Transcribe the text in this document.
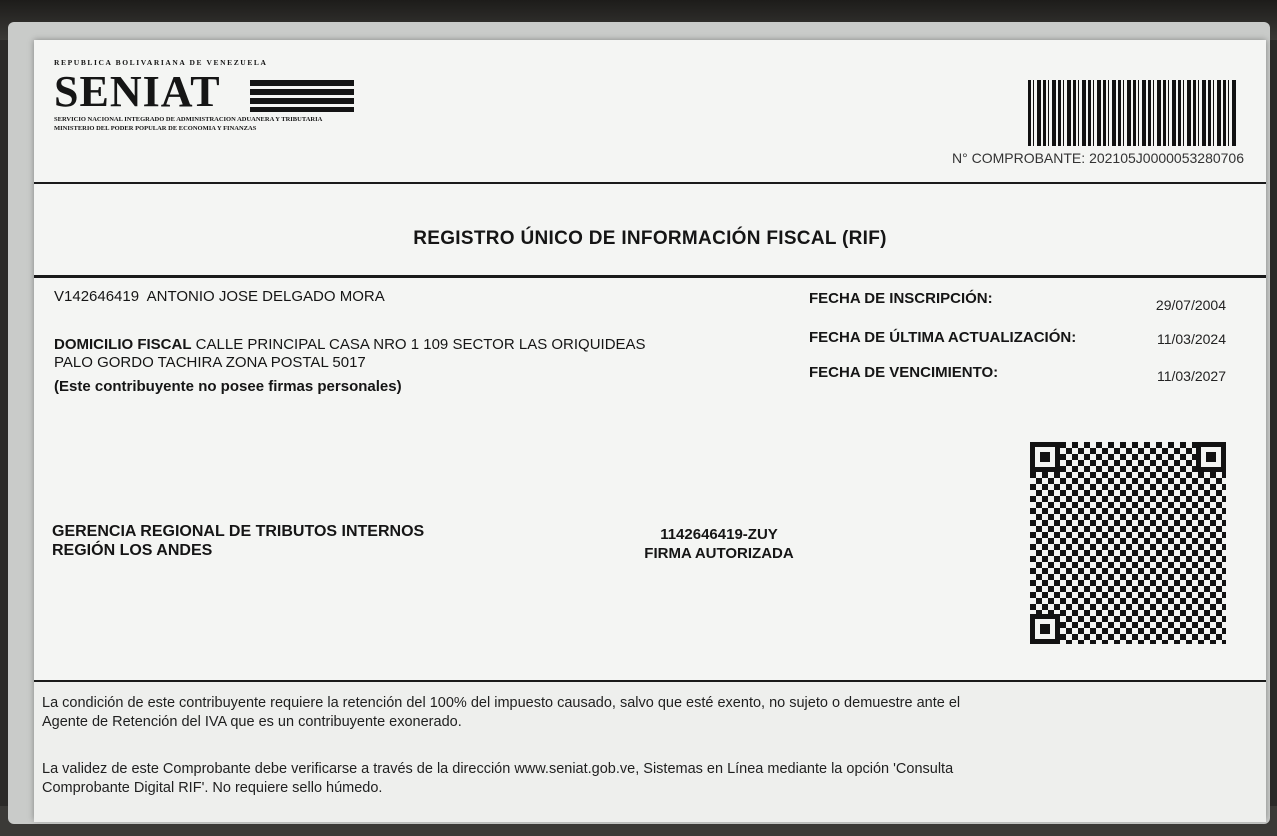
REPUBLICA BOLIVARIANA DE VENEZUELA
SENIAT
SERVICIO NACIONAL INTEGRADO DE ADMINISTRACION ADUANERA Y TRIBUTARIA
MINISTERIO DEL PODER POPULAR DE ECONOMIA Y FINANZAS
N° COMPROBANTE: 202105J0000053280706
REGISTRO ÚNICO DE INFORMACIÓN FISCAL (RIF)
V142646419 ANTONIO JOSE DELGADO MORA
DOMICILIO FISCAL CALLE PRINCIPAL CASA NRO 1 109 SECTOR LAS ORIQUIDEAS
PALO GORDO TACHIRA ZONA POSTAL 5017
(Este contribuyente no posee firmas personales)
FECHA DE INSCRIPCIÓN:	29/07/2004
FECHA DE ÚLTIMA ACTUALIZACIÓN:	11/03/2024
FECHA DE VENCIMIENTO:	11/03/2027
GERENCIA REGIONAL DE TRIBUTOS INTERNOS
REGIÓN LOS ANDES
1142646419-ZUY
FIRMA AUTORIZADA
La condición de este contribuyente requiere la retención del 100% del impuesto causado, salvo que esté exento, no sujeto o demuestre ante el
Agente de Retención del IVA que es un contribuyente exonerado.
La validez de este Comprobante debe verificarse a través de la dirección www.seniat.gob.ve, Sistemas en Línea mediante la opción 'Consulta
Comprobante Digital RIF'. No requiere sello húmedo.
